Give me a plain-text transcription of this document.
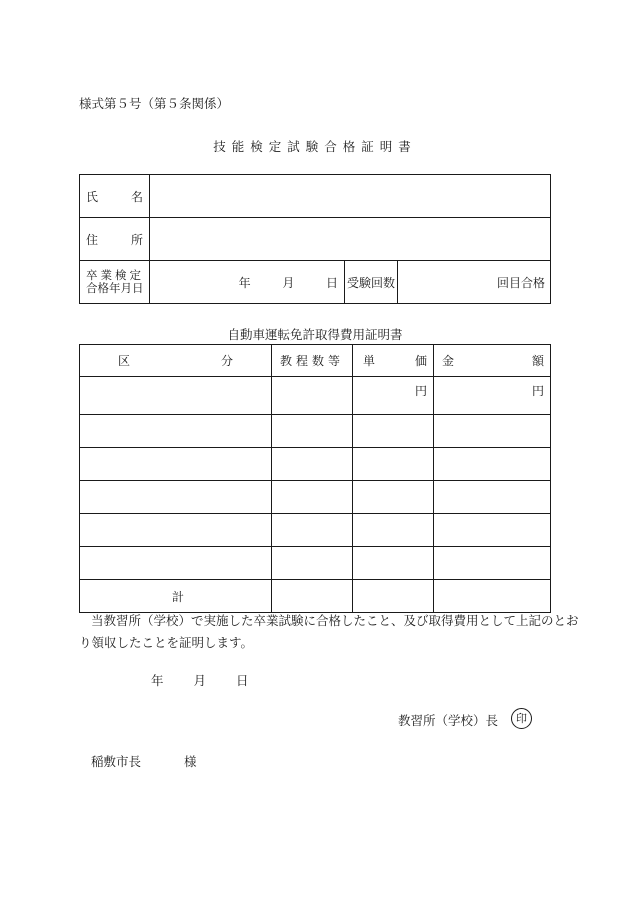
様式第５号（第５条関係）
技能検定試験合格証明書
氏 名			

住 所			

卒業検定
合格年月日	年 月 日	受験回数	回目合格
自動車運転免許取得費用証明書
区 分	教程数等	単 価	金 額

		円	円

計			
当教習所（学校）で実施した卒業試験に合格したこと、及び取得費用として上記のとお
り領収したことを証明します。
年 月 日
教習所（学校）長	印
稲敷市長	様
